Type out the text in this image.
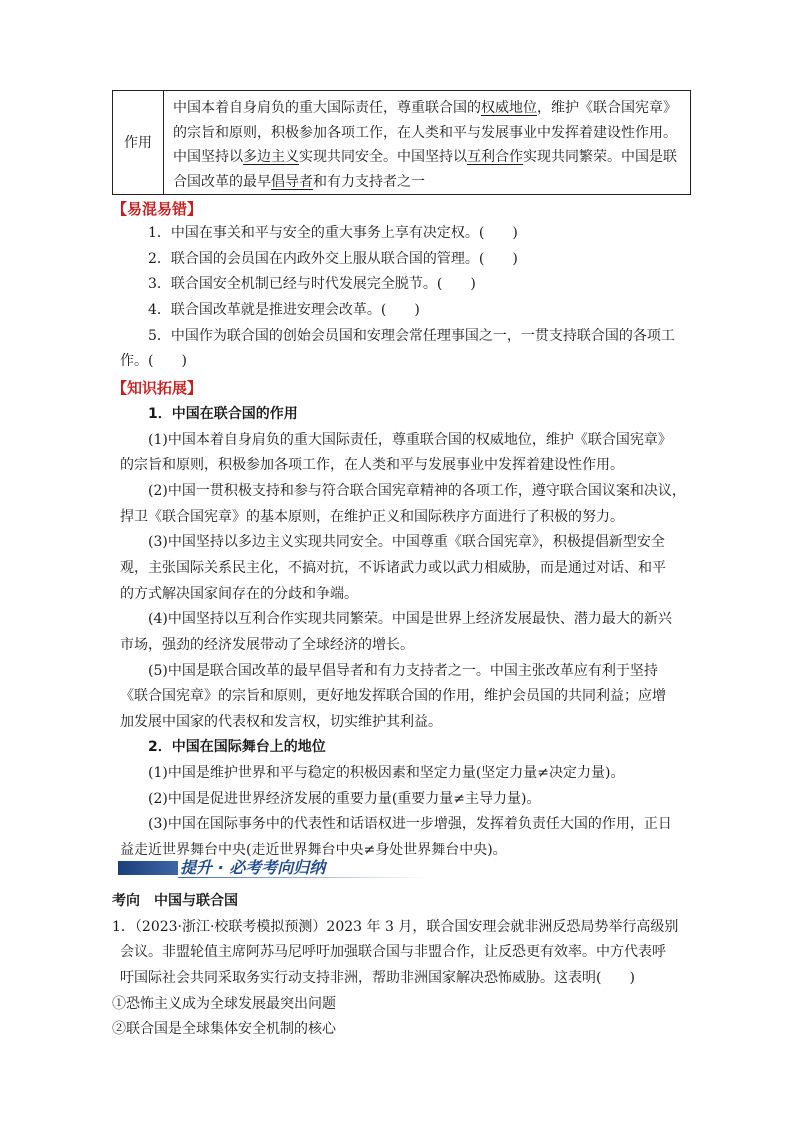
作用
中国本着自身肩负的重大国际责任，尊重联合国的权威地位，维护《联合国宪章》
的宗旨和原则，积极参加各项工作，在人类和平与发展事业中发挥着建设性作用。
中国坚持以多边主义实现共同安全。中国坚持以互利合作实现共同繁荣。中国是联
合国改革的最早倡导者和有力支持者之一
【易混易错】
1．中国在事关和平与安全的重大事务上享有决定权。(　　)
2．联合国的会员国在内政外交上服从联合国的管理。(　　)
3．联合国安全机制已经与时代发展完全脱节。(　　)
4．联合国改革就是推进安理会改革。(　　)
5．中国作为联合国的创始会员国和安理会常任理事国之一，一贯支持联合国的各项工
作。(　　)
【知识拓展】
1．中国在联合国的作用
(1)中国本着自身肩负的重大国际责任，尊重联合国的权威地位，维护《联合国宪章》
的宗旨和原则，积极参加各项工作，在人类和平与发展事业中发挥着建设性作用。
(2)中国一贯积极支持和参与符合联合国宪章精神的各项工作，遵守联合国议案和决议，
捍卫《联合国宪章》的基本原则，在维护正义和国际秩序方面进行了积极的努力。
(3)中国坚持以多边主义实现共同安全。中国尊重《联合国宪章》，积极提倡新型安全
观，主张国际关系民主化，不搞对抗，不诉诸武力或以武力相威胁，而是通过对话、和平
的方式解决国家间存在的分歧和争端。
(4)中国坚持以互利合作实现共同繁荣。中国是世界上经济发展最快、潜力最大的新兴
市场，强劲的经济发展带动了全球经济的增长。
(5)中国是联合国改革的最早倡导者和有力支持者之一。中国主张改革应有利于坚持
《联合国宪章》的宗旨和原则，更好地发挥联合国的作用，维护会员国的共同利益；应增
加发展中国家的代表权和发言权，切实维护其利益。
2．中国在国际舞台上的地位
(1)中国是维护世界和平与稳定的积极因素和坚定力量(坚定力量≠决定力量)。
(2)中国是促进世界经济发展的重要力量(重要力量≠主导力量)。
(3)中国在国际事务中的代表性和话语权进一步增强，发挥着负责任大国的作用，正日
益走近世界舞台中央(走近世界舞台中央≠身处世界舞台中央)。
提升 · 必考考向归纳
考向　中国与联合国
1．（2023·浙江·校联考模拟预测）2023 年 3 月，联合国安理会就非洲反恐局势举行高级别
会议。非盟轮值主席阿苏马尼呼吁加强联合国与非盟合作，让反恐更有效率。中方代表呼
吁国际社会共同采取务实行动支持非洲，帮助非洲国家解决恐怖威胁。这表明(　　)
①恐怖主义成为全球发展最突出问题
②联合国是全球集体安全机制的核心
